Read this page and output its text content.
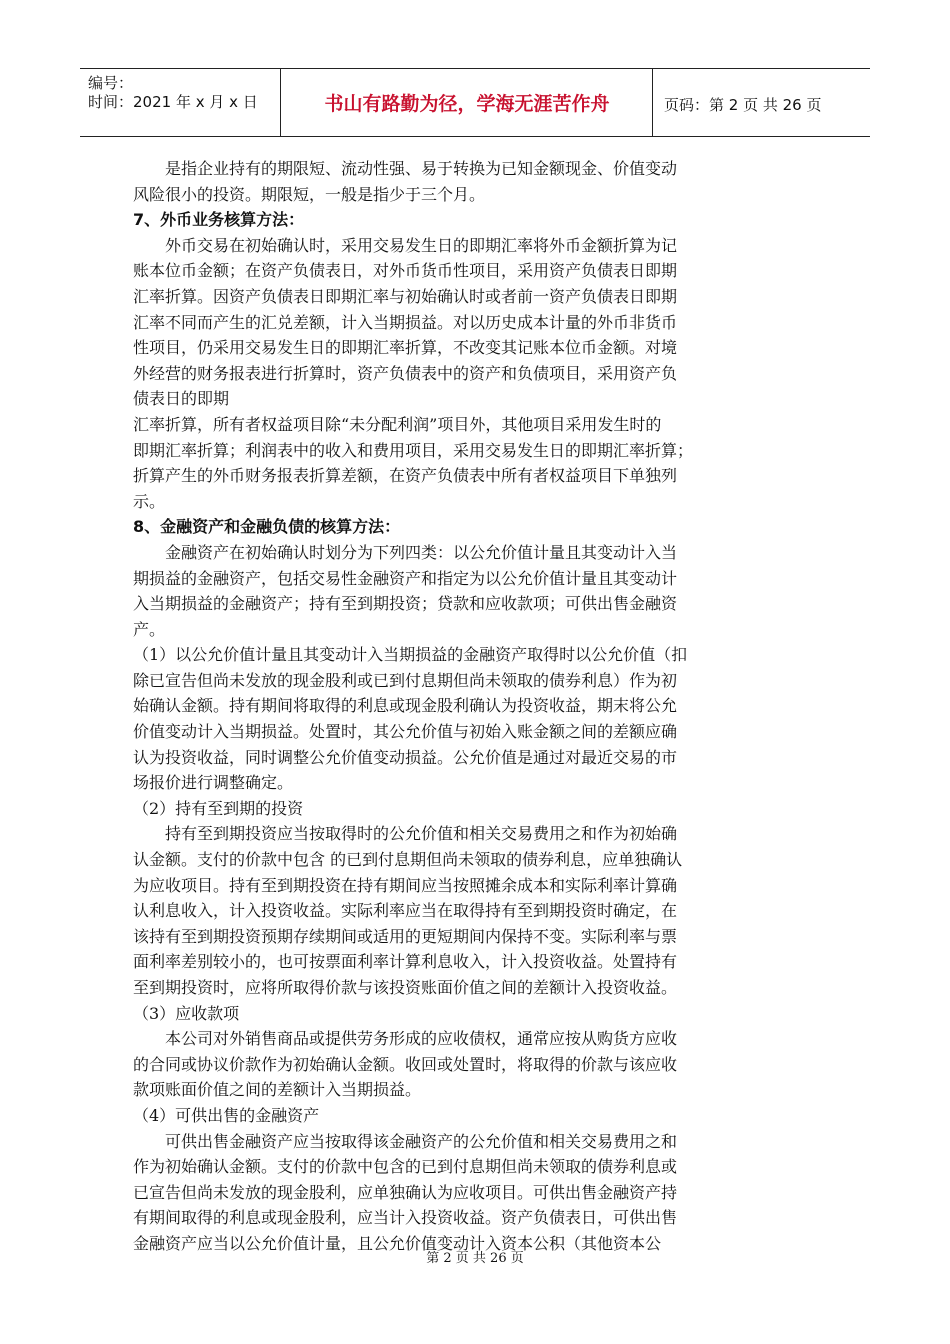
编号：
时间：2021 年 x 月 x 日	书山有路勤为径，学海无涯苦作舟	页码：第 2 页 共 26 页

　　是指企业持有的期限短、流动性强、易于转换为已知金额现金、价值变动

风险很小的投资。期限短，一般是指少于三个月。

7、外币业务核算方法：

　　外币交易在初始确认时，采用交易发生日的即期汇率将外币金额折算为记

账本位币金额；在资产负债表日，对外币货币性项目，采用资产负债表日即期

汇率折算。因资产负债表日即期汇率与初始确认时或者前一资产负债表日即期

汇率不同而产生的汇兑差额，计入当期损益。对以历史成本计量的外币非货币

性项目，仍采用交易发生日的即期汇率折算，不改变其记账本位币金额。对境

外经营的财务报表进行折算时，资产负债表中的资产和负债项目，采用资产负

债表日的即期

汇率折算，所有者权益项目除“未分配利润”项目外，其他项目采用发生时的

即期汇率折算；利润表中的收入和费用项目，采用交易发生日的即期汇率折算；

折算产生的外币财务报表折算差额，在资产负债表中所有者权益项目下单独列

示。

8、金融资产和金融负债的核算方法：

　　金融资产在初始确认时划分为下列四类：以公允价值计量且其变动计入当

期损益的金融资产，包括交易性金融资产和指定为以公允价值计量且其变动计

入当期损益的金融资产；持有至到期投资；贷款和应收款项；可供出售金融资

产。

（1）以公允价值计量且其变动计入当期损益的金融资产取得时以公允价值（扣

除已宣告但尚未发放的现金股利或已到付息期但尚未领取的债券利息）作为初

始确认金额。持有期间将取得的利息或现金股利确认为投资收益，期末将公允

价值变动计入当期损益。处置时，其公允价值与初始入账金额之间的差额应确

认为投资收益，同时调整公允价值变动损益。公允价值是通过对最近交易的市

场报价进行调整确定。

（2）持有至到期的投资

　　持有至到期投资应当按取得时的公允价值和相关交易费用之和作为初始确

认金额。支付的价款中包含 的已到付息期但尚未领取的债券利息，应单独确认

为应收项目。持有至到期投资在持有期间应当按照摊余成本和实际利率计算确

认利息收入，计入投资收益。实际利率应当在取得持有至到期投资时确定，在

该持有至到期投资预期存续期间或适用的更短期间内保持不变。实际利率与票

面利率差别较小的，也可按票面利率计算利息收入，计入投资收益。处置持有

至到期投资时，应将所取得价款与该投资账面价值之间的差额计入投资收益。

（3）应收款项

　　本公司对外销售商品或提供劳务形成的应收债权，通常应按从购货方应收

的合同或协议价款作为初始确认金额。收回或处置时，将取得的价款与该应收

款项账面价值之间的差额计入当期损益。

（4）可供出售的金融资产

　　可供出售金融资产应当按取得该金融资产的公允价值和相关交易费用之和

作为初始确认金额。支付的价款中包含的已到付息期但尚未领取的债券利息或

已宣告但尚未发放的现金股利，应单独确认为应收项目。可供出售金融资产持

有期间取得的利息或现金股利，应当计入投资收益。资产负债表日，可供出售

金融资产应当以公允价值计量，且公允价值变动计入资本公积（其他资本公

第 2 页 共 26 页
